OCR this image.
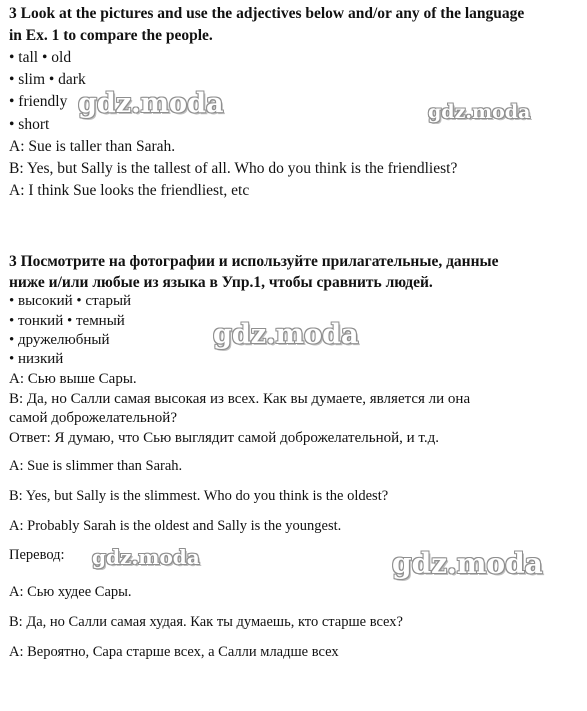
3 Look at the pictures and use the adjectives below and/or any of the language
in Ex. 1 to compare the people.
• tall • old
• slim • dark
• friendly
• short
A: Sue is taller than Sarah.
B: Yes, but Sally is the tallest of all. Who do you think is the friendliest?
A: I think Sue looks the friendliest, etc
3 Посмотрите на фотографии и используйте прилагательные, данные
ниже и/или любые из языка в Упр.1, чтобы сравнить людей.
• высокий • старый
• тонкий • темный
• дружелюбный
• низкий
A: Сью выше Сары.
B: Да, но Салли самая высокая из всех. Как вы думаете, является ли она
самой доброжелательной?
Ответ: Я думаю, что Сью выглядит самой доброжелательной, и т.д.
A: Sue is slimmer than Sarah.
B: Yes, but Sally is the slimmest. Who do you think is the oldest?
A: Probably Sarah is the oldest and Sally is the youngest.
Перевод:
A: Сью худее Сары.
B: Да, но Салли самая худая. Как ты думаешь, кто старше всех?
A: Вероятно, Сара старше всех, а Салли младше всех
gdz.moda	gdz.moda
gdz.moda
gdz.moda	gdz.moda
